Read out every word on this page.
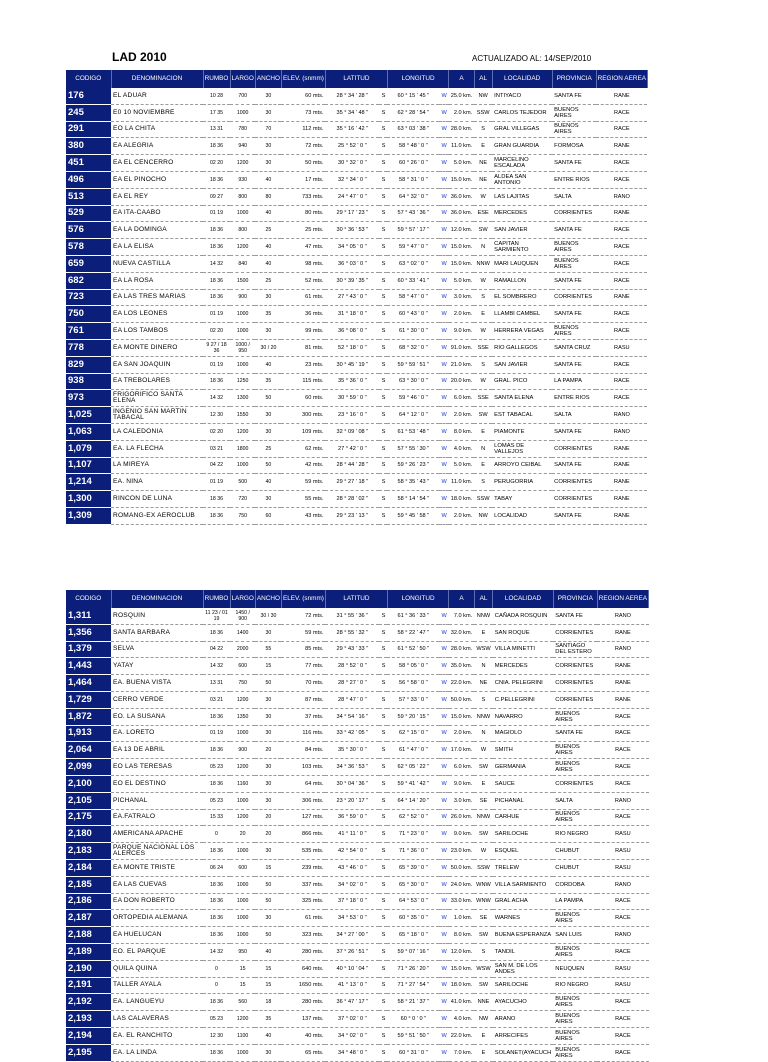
LAD 2010	ACTUALIZADO AL: 14/SEP/2010
CODIGO	DENOMINACION	RUMBO	LARGO	ANCHO	ELEV. (snmm)	LATITUD		LONGITUD		A	AL	LOCALIDAD	PROVINCIA	REGION AEREA
176	EL ADUAR	10 28	700	30	60 mts.	28 ° 34 ' 28 ''	S	60 ° 15 ' 45 ''	W	25.0 km.	NW	INTIYACO	SANTA FE	RANE
245	E0 10 NOVIEMBRE	17 35	1000	30	73 mts.	35 ° 34 ' 48 ''	S	62 ° 28 ' 54 ''	W	2.0 km.	SSW	CARLOS TEJEDOR	BUENOS AIRES	RACE
291	EO LA CHITA	13 31	780	70	112 mts.	35 ° 16 ' 42 ''	S	63 ° 03 ' 38 ''	W	28.0 km.	S	GRAL VILLEGAS	BUENOS AIRES	RACE
380	EA ALEGRIA	18 36	940	30	72 mts.	25 ° 52 ' 0 ''	S	58 ° 48 ' 0 ''	W	11.0 km.	E	GRAN GUARDIA	FORMOSA	RANE
451	EA EL CENCERRO	02 20	1200	30	50 mts.	30 ° 32 ' 0 ''	S	60 ° 26 ' 0 ''	W	5.0 km.	NE	MARCELINO ESCALADA	SANTA FE	RACE
496	EA EL PINOCHO	18 36	930	40	17 mts.	32 ° 34 ' 0 ''	S	58 ° 31 ' 0 ''	W	15.0 km.	NE	ALDEA SAN ANTONIO	ENTRE RIOS	RACE
513	EA EL REY	09 27	800	80	733 mts.	24 ° 47 ' 0 ''	S	64 ° 32 ' 0 ''	W	36.0 km.	W	LAS LAJITAS	SALTA	RANO
529	EA ITA-CAABO	01 19	1000	40	80 mts.	29 ° 17 ' 23 ''	S	57 ° 43 ' 36 ''	W	36.0 km.	ESE	MERCEDES	CORRIENTES	RANE
576	EA LA DOMINGA	18 36	800	25	25 mts.	30 ° 36 ' 53 ''	S	59 ° 57 ' 17 ''	W	12.0 km.	SW	SAN JAVIER	SANTA FE	RACE
578	EA LA ELISA	18 36	1200	40	47 mts.	34 ° 05 ' 0 ''	S	59 ° 47 ' 0 ''	W	15.0 km.	N	CAPITAN SARMIENTO	BUENOS AIRES	RACE
659	NUEVA CASTILLA	14 32	840	40	98 mts.	36 ° 03 ' 0 ''	S	63 ° 02 ' 0 ''	W	15.0 km.	NNW	MARI LAUQUEN	BUENOS AIRES	RACE
682	EA LA ROSA	18 36	1500	25	52 mts.	30 ° 39 ' 35 ''	S	60 ° 33 ' 41 ''	W	5.0 km.	W	RAMALLON	SANTA FE	RACE
723	EA LAS TRES MARIAS	18 36	900	30	61 mts.	27 ° 43 ' 0 ''	S	58 ° 47 ' 0 ''	W	3.0 km.	S	EL SOMBRERO	CORRIENTES	RANE
750	EA LOS LEONES	01 19	1000	35	36 mts.	31 ° 18 ' 0 ''	S	60 ° 43 ' 0 ''	W	2.0 km.	E	LLAMBI CAMBEL	SANTA FE	RACE
761	EA LOS TAMBOS	02 20	1000	30	99 mts.	36 ° 08 ' 0 ''	S	61 ° 30 ' 0 ''	W	9.0 km.	W	HERRERA VEGAS	BUENOS AIRES	RACE
778	EA MONTE DINERO	9 27 / 18 36	1000 / 950	30 / 20	81 mts.	52 ° 18 ' 0 ''	S	68 ° 32 ' 0 ''	W	91.0 km.	SSE	RIO GALLEGOS	SANTA CRUZ	RASU
829	EA SAN JOAQUIN	01 19	1000	40	23 mts.	30 ° 45 ' 19 ''	S	59 ° 59 ' 51 ''	W	21.0 km.	S	SAN JAVIER	SANTA FE	RACE
938	EA TREBOLARES	18 36	1250	35	115 mts.	35 ° 36 ' 0 ''	S	63 ° 30 ' 0 ''	W	20.0 km.	W	GRAL. PICO	LA PAMPA	RACE
973	FRIGORIFICO SANTA ELENA	14 32	1300	50	60 mts.	30 ° 59 ' 0 ''	S	59 ° 46 ' 0 ''	W	6.0 km.	SSE	SANTA ELENA	ENTRE RIOS	RACE
1,025	INGENIO SAN MARTIN TABACAL	12 30	1550	30	300 mts.	23 ° 16 ' 0 ''	S	64 ° 12 ' 0 ''	W	2.0 km.	SW	EST TABACAL	SALTA	RANO
1,063	LA CALEDONIA	02 20	1200	30	109 mts.	32 ° 09 ' 08 ''	S	61 ° 53 ' 48 ''	W	8.0 km.	E	PIAMONTE	SANTA FE	RANO
1,079	EA. LA FLECHA	03 21	1800	25	62 mts.	27 ° 42 ' 0 ''	S	57 ° 55 ' 30 ''	W	4.0 km.	N	LOMAS DE VALLEJOS	CORRIENTES	RANE
1,107	LA MIREYA	04 22	1000	50	42 mts.	28 ° 44 ' 28 ''	S	59 ° 26 ' 23 ''	W	5.0 km.	E	ARROYO CEIBAL	SANTA FE	RANE
1,214	EA. NINA	01 19	500	40	59 mts.	29 ° 27 ' 18 ''	S	58 ° 35 ' 43 ''	W	11.0 km.	S	PERUGORRIA	CORRIENTES	RANE
1,300	RINCON DE LUNA	18 36	720	30	55 mts.	28 ° 28 ' 02 ''	S	58 ° 14 ' 54 ''	W	18.0 km.	SSW	TABAY	CORRIENTES	RANE
1,309	ROMANG-EX AEROCLUB	18 36	750	60	43 mts.	29 ° 23 ' 13 ''	S	59 ° 45 ' 58 ''	W	2.0 km.	NW	LOCALIDAD	SANTA FE	RANE
CODIGO	DENOMINACION	RUMBO	LARGO	ANCHO	ELEV. (snmm)	LATITUD		LONGITUD		A	AL	LOCALIDAD	PROVINCIA	REGION AEREA
1,311	ROSQUIN	11 23 / 01 19	1450 / 900	30 / 30	72 mts.	31 ° 55 ' 36 ''	S	61 ° 36 ' 33 ''	W	7.0 km.	NNW	CAÑADA ROSQUIN	SANTA FE	RANO
1,356	SANTA BARBARA	18 36	1400	30	59 mts.	28 ° 55 ' 32 ''	S	58 ° 22 ' 47 ''	W	32.0 km.	E	SAN ROQUE	CORRIENTES	RANE
1,379	SELVA	04 22	2000	55	85 mts.	29 ° 43 ' 33 ''	S	61 ° 52 ' 50 ''	W	28.0 km.	WSW	VILLA MINETTI	SANTIAGO DEL ESTERO	RANO
1,443	YATAY	14 32	600	15	77 mts.	28 ° 52 ' 0 ''	S	58 ° 05 ' 0 ''	W	35.0 km.	N	MERCEDES	CORRIENTES	RANE
1,464	EA. BUENA VISTA	13 31	750	50	70 mts.	28 ° 27 ' 0 ''	S	56 ° 58 ' 0 ''	W	22.0 km.	NE	CNIA. PELEGRINI	CORRIENTES	RANE
1,729	CERRO VERDE	03 21	1200	30	87 mts.	28 ° 47 ' 0 ''	S	57 ° 33 ' 0 ''	W	50.0 km.	S	C.PELLEGRINI	CORRIENTES	RANE
1,872	EO. LA SUSANA	18 36	1350	30	37 mts.	34 ° 54 ' 16 ''	S	59 ° 20 ' 15 ''	W	15.0 km.	NNW	NAVARRO	BUENOS AIRES	RACE
1,913	EA. LORETO	01 19	1000	30	116 mts.	33 ° 42 ' 05 ''	S	62 ° 15 ' 0 ''	W	2.0 km.	N	MAGIOLO	SANTA FE	RACE
2,064	EA 13 DE ABRIL	18 36	900	20	84 mts.	35 ° 30 ' 0 ''	S	61 ° 47 ' 0 ''	W	17.0 km.	W	SMITH	BUENOS AIRES	RACE
2,099	EO LAS TERESAS	05 23	1200	30	103 mts.	34 ° 36 ' 53 ''	S	62 ° 05 ' 22 ''	W	6.0 km.	SW	GERMANIA	BUENOS AIRES	RACE
2,100	EO EL DESTINO	18 36	1160	30	64 mts.	30 ° 04 ' 36 ''	S	59 ° 41 ' 42 ''	W	9.0 km.	E	SAUCE	CORRIENTES	RACE
2,105	PICHANAL	05 23	1000	30	306 mts.	23 ° 20 ' 17 ''	S	64 ° 14 ' 20 ''	W	3.0 km.	SE	PICHANAL	SALTA	RANO
2,175	EA.FATRALO	15 33	1200	20	127 mts.	36 ° 59 ' 0 ''	S	62 ° 52 ' 0 ''	W	26.0 km.	NNW	CARHUE	BUENOS AIRES	RACE
2,180	AMERICANA APACHE	0	20	20	866 mts.	41 ° 11 ' 0 ''	S	71 ° 23 ' 0 ''	W	9.0 km.	SW	SARILOCHE	RIO NEGRO	RASU
2,183	PARQUE NACIONAL LOS ALERCES	18 36	1000	30	535 mts.	42 ° 54 ' 0 ''	S	71 ° 36 ' 0 ''	W	23.0 km.	W	ESQUEL	CHUBUT	RASU
2,184	EA MONTE TRISTE	06 24	600	15	239 mts.	43 ° 46 ' 0 ''	S	65 ° 39 ' 0 ''	W	50.0 km.	SSW	TRELEW	CHUBUT	RASU
2,185	EA LAS CUEVAS	18 36	1000	50	337 mts.	34 ° 02 ' 0 ''	S	65 ° 30 ' 0 ''	W	24.0 km.	WNW	VILLA SARMIENTO	CORDOBA	RANO
2,186	EA DON ROBERTO	18 36	1000	50	325 mts.	37 ° 18 ' 0 ''	S	64 ° 53 ' 0 ''	W	33.0 km.	WNW	GRAL ACHA	LA PAMPA	RACE
2,187	ORTOPEDIA ALEMANA	18 36	1000	30	61 mts.	34 ° 53 ' 0 ''	S	60 ° 35 ' 0 ''	W	1.0 km.	SE	WARNES	BUENOS AIRES	RACE
2,188	EA HUELUCAN	18 36	1000	50	323 mts.	34 ° 27 ' 00 ''	S	65 ° 18 ' 0 ''	W	8.0 km.	SW	BUENA ESPERANZA	SAN LUIS	RANO
2,189	EO. EL PARQUE	14 32	950	40	280 mts.	37 ° 26 ' 51 ''	S	59 ° 07 ' 16 ''	W	12.0 km.	S	TANDIL	BUENOS AIRES	RACE
2,190	QUILA QUINA	0	15	15	640 mts.	40 ° 10 ' 04 ''	S	71 ° 26 ' 20 ''	W	15.0 km.	WSW	SAN M. DE LOS ANDES	NEUQUEN	RASU
2,191	TALLER AYALA	0	15	15	1650 mts.	41 ° 13 ' 0 ''	S	71 ° 27 ' 54 ''	W	18.0 km.	SW	SARILOCHE	RIO NEGRO	RASU
2,192	EA. LANGUEYU	18 36	560	18	280 mts.	36 ° 47 ' 17 ''	S	58 ° 21 ' 37 ''	W	41.0 km.	NNE	AYACUCHO	BUENOS AIRES	RACE
2,193	LAS CALAVERAS	05 23	1200	35	137 mts.	37 ° 02 ' 0 ''	S	60 ° 0 ' 0 ''	W	4.0 km.	NW	ARANO	BUENOS AIRES	RACE
2,194	EA. EL RANCHITO	12 30	1100	40	40 mts.	34 ° 02 ' 0 ''	S	59 ° 51 ' 50 ''	W	22.0 km.	E	ARRECIFES	BUENOS AIRES	RACE
2,195	EA. LA LINDA	18 36	1000	30	65 mts.	34 ° 48 ' 0 ''	S	60 ° 31 ' 0 ''	W	7.0 km.	E	SOLANET(AYACUCH	BUENOS AIRES	RACE
